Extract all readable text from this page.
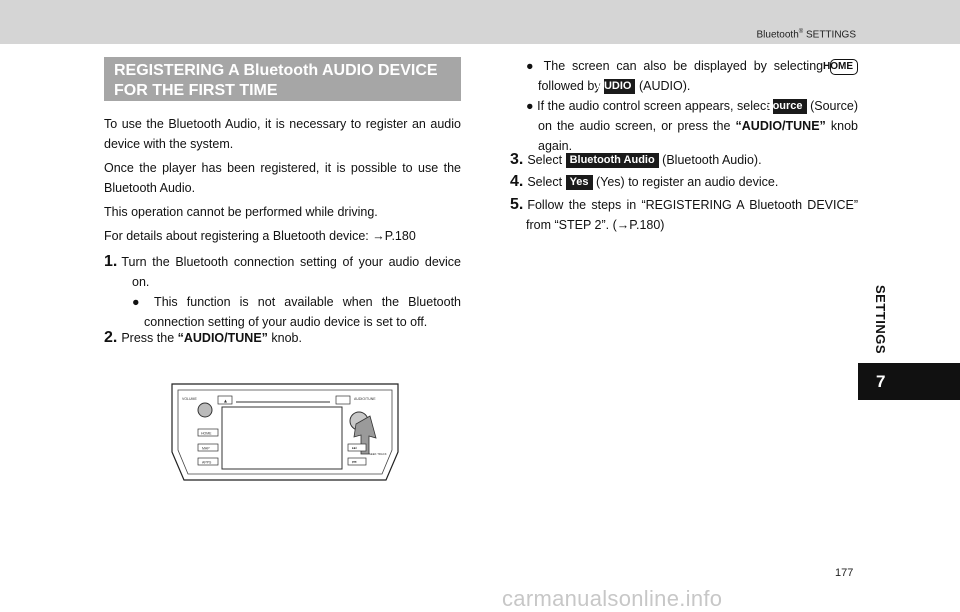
Bluetooth® SETTINGS
SETTINGS
7
REGISTERING A Bluetooth AUDIO DEVICE FOR THE FIRST TIME

To use the Bluetooth Audio, it is necessary to register an audio device with the system.

Once the player has been registered, it is possible to use the Bluetooth Audio.

This operation cannot be performed while driving.

For details about registering a Bluetooth device: →P.180

1. Turn the Bluetooth connection setting of your audio device on.

● This function is not available when the Bluetooth connection setting of your audio device is set to off.

2. Press the “AUDIO/TUNE” knob.

VOLUME	▲	AUDIO/TUNE
HOME
MAP
APPS
⏭
⏮
SEEK TRACK

● The screen can also be displayed by selecting HOME followed by AUDIO (AUDIO).

● If the audio control screen appears, select Source (Source) on the audio screen, or press the “AUDIO/TUNE” knob again.

3. Select Bluetooth Audio (Bluetooth Audio).

4. Select Yes (Yes) to register an audio device.

5. Follow the steps in “REGISTERING A Bluetooth DEVICE” from “STEP 2”. (→P.180)

177
carmanualsonline.info
